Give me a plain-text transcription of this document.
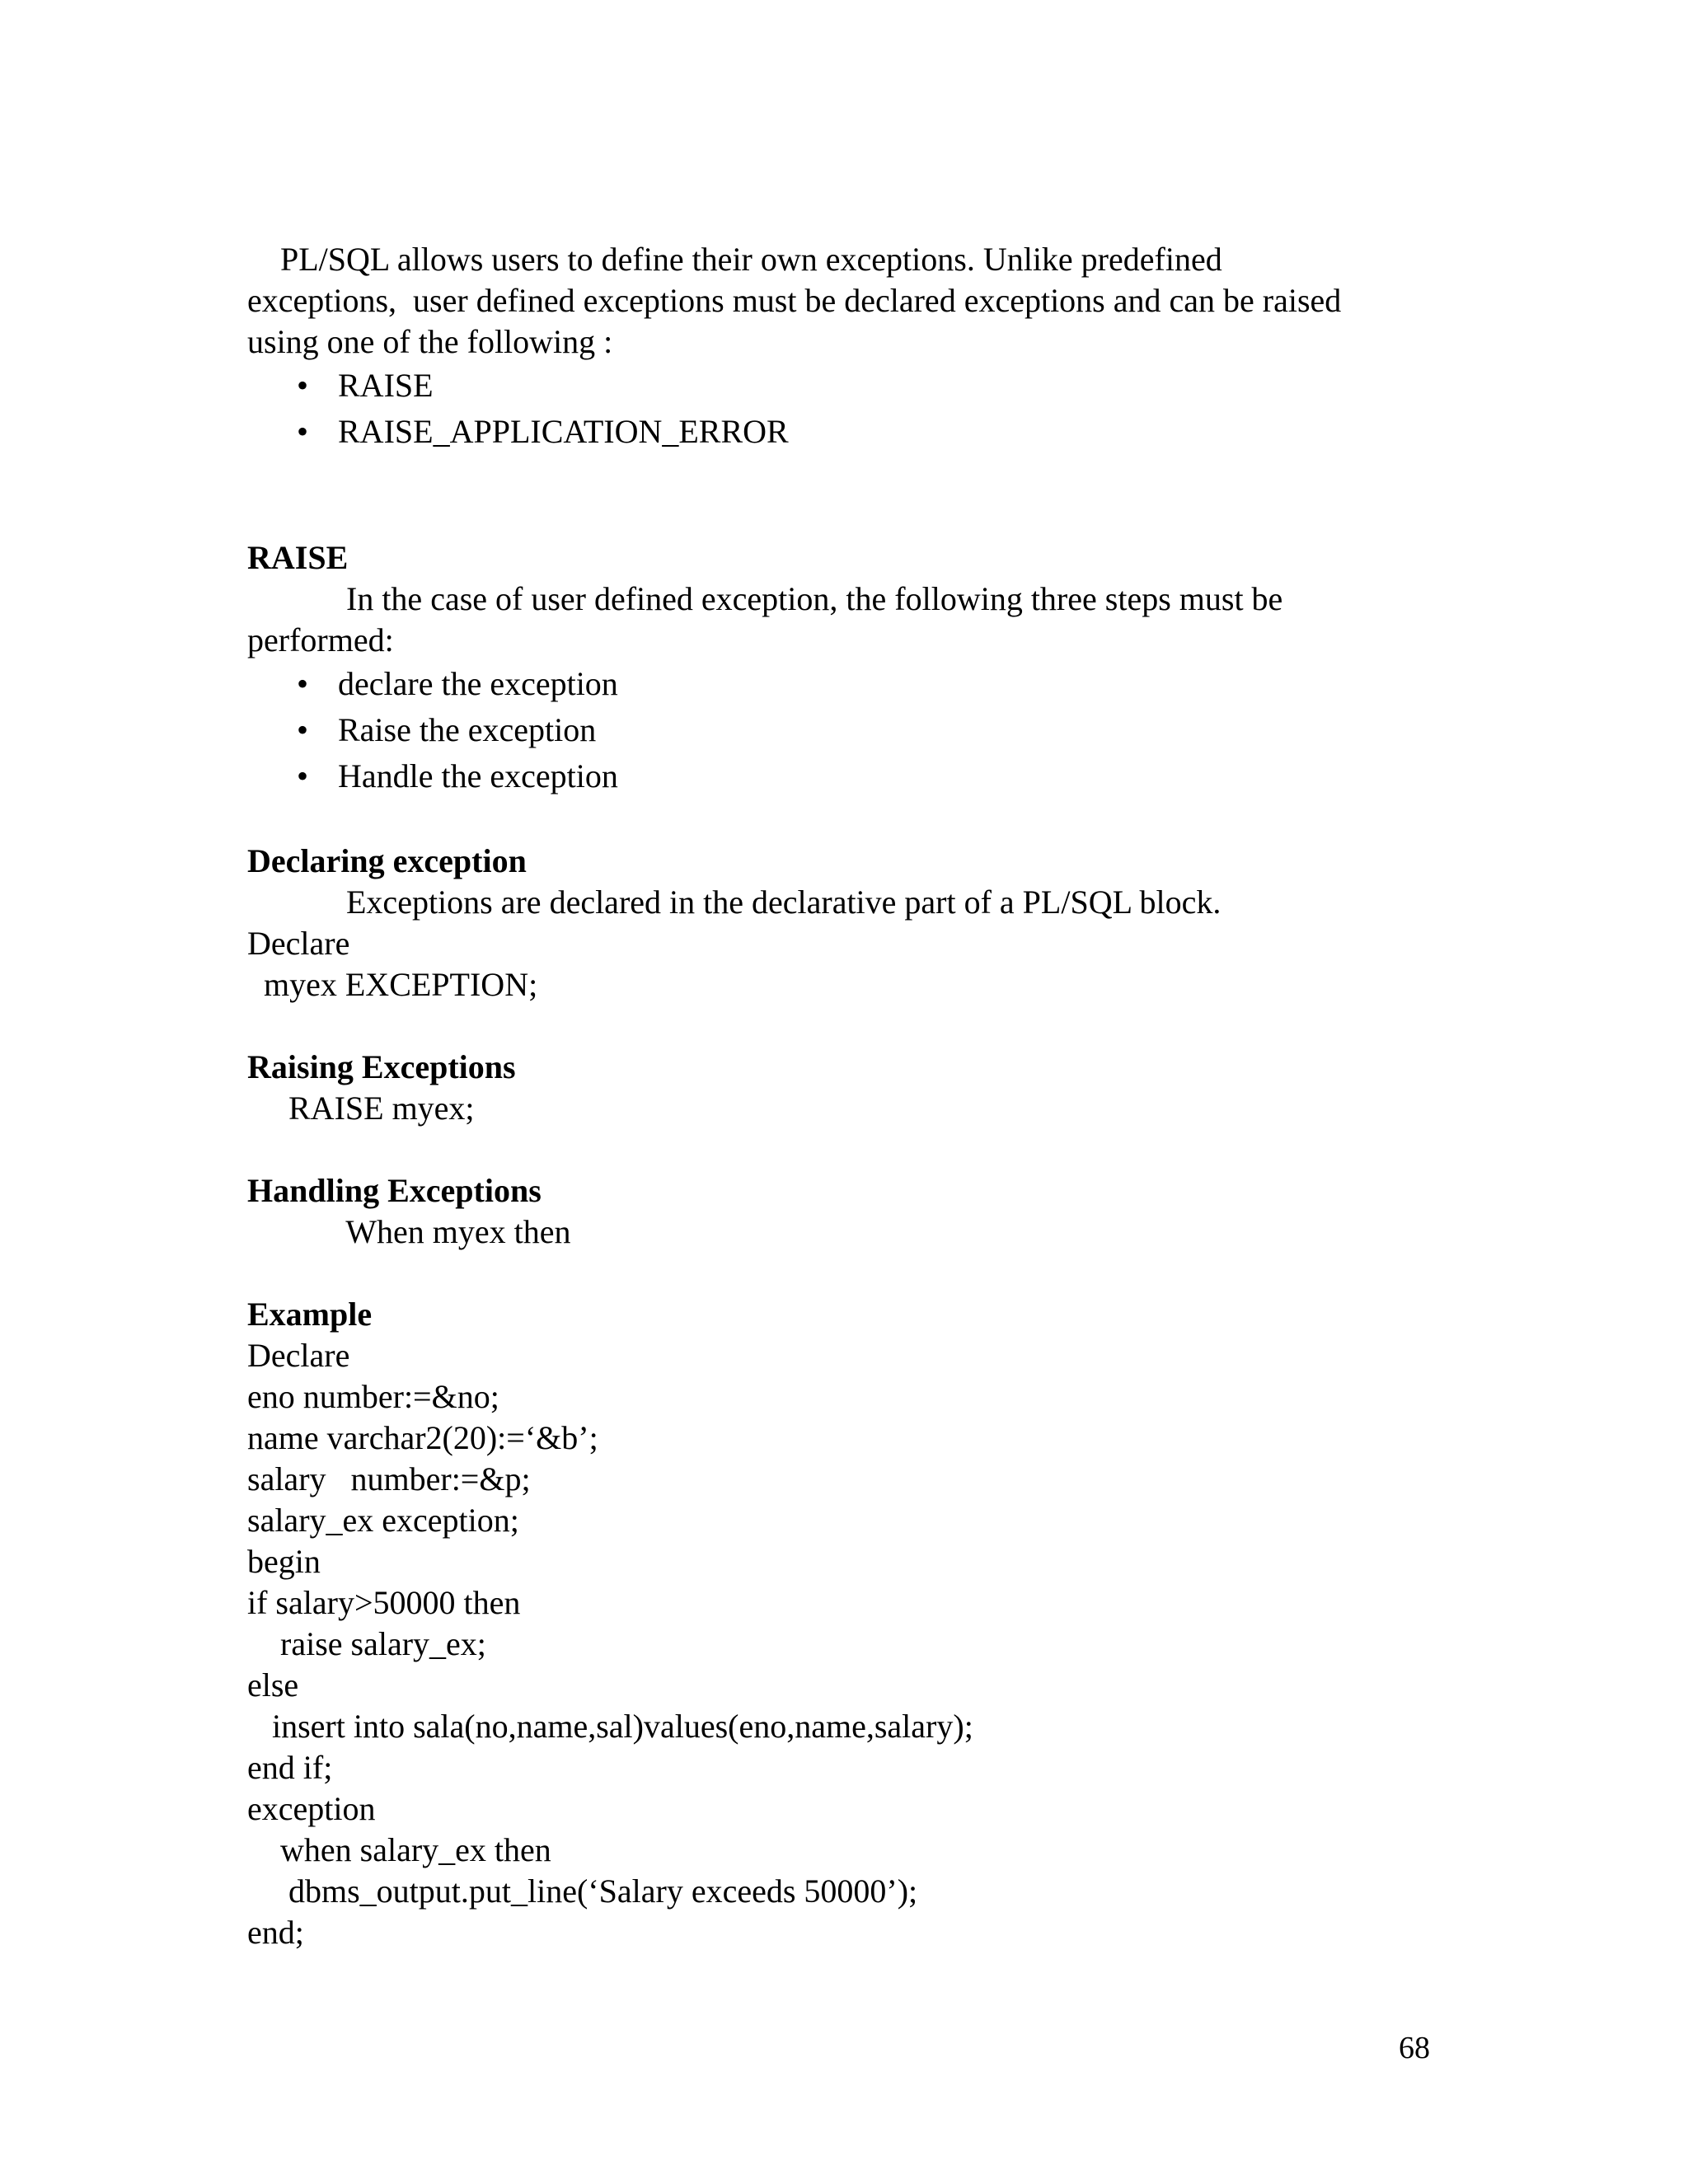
PL/SQL allows users to define their own exceptions. Unlike predefined
exceptions,  user defined exceptions must be declared exceptions and can be raised
using one of the following :
• RAISE
• RAISE_APPLICATION_ERROR
RAISE
In the case of user defined exception, the following three steps must be
performed:
• declare the exception
• Raise the exception
• Handle the exception
Declaring exception
Exceptions are declared in the declarative part of a PL/SQL block.
Declare
myex EXCEPTION;
Raising Exceptions
RAISE myex;
Handling Exceptions
When myex then
Example
Declare
eno number:=&no;
name varchar2(20):=‘&b’;
salary   number:=&p;
salary_ex exception;
begin
if salary>50000 then
raise salary_ex;
else
insert into sala(no,name,sal)values(eno,name,salary);
end if;
exception
when salary_ex then
dbms_output.put_line(‘Salary exceeds 50000’);
end;
68
